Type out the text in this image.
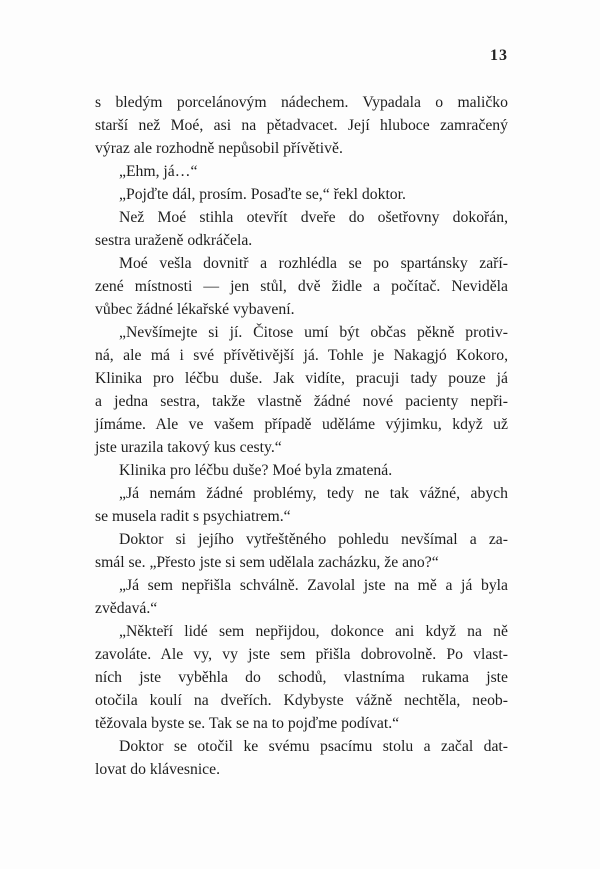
13
s bledým porcelánovým nádechem. Vypadala o maličko
starší než Moé, asi na pětadvacet. Její hluboce zamračený
výraz ale rozhodně nepůsobil přívětivě.
„Ehm, já…“
„Pojďte dál, prosím. Posaďte se,“ řekl doktor.
Než Moé stihla otevřít dveře do ošetřovny dokořán,
sestra uraženě odkráčela.
Moé vešla dovnitř a rozhlédla se po spartánsky zaří-
zené místnosti — jen stůl, dvě židle a počítač. Neviděla
vůbec žádné lékařské vybavení.
„Nevšímejte si jí. Čitose umí být občas pěkně protiv-
ná, ale má i své přívětivější já. Tohle je Nakagjó Kokoro,
Klinika pro léčbu duše. Jak vidíte, pracuji tady pouze já
a jedna sestra, takže vlastně žádné nové pacienty nepři-
jímáme. Ale ve vašem případě uděláme výjimku, když už
jste urazila takový kus cesty.“
Klinika pro léčbu duše? Moé byla zmatená.
„Já nemám žádné problémy, tedy ne tak vážné, abych
se musela radit s psychiatrem.“
Doktor si jejího vytřeštěného pohledu nevšímal a za-
smál se. „Přesto jste si sem udělala zacházku, že ano?“
„Já sem nepřišla schválně. Zavolal jste na mě a já byla
zvědavá.“
„Někteří lidé sem nepřijdou, dokonce ani když na ně
zavoláte. Ale vy, vy jste sem přišla dobrovolně. Po vlast-
ních jste vyběhla do schodů, vlastníma rukama jste
otočila koulí na dveřích. Kdybyste vážně nechtěla, neob-
těžovala byste se. Tak se na to pojďme podívat.“
Doktor se otočil ke svému psacímu stolu a začal dat-
lovat do klávesnice.
